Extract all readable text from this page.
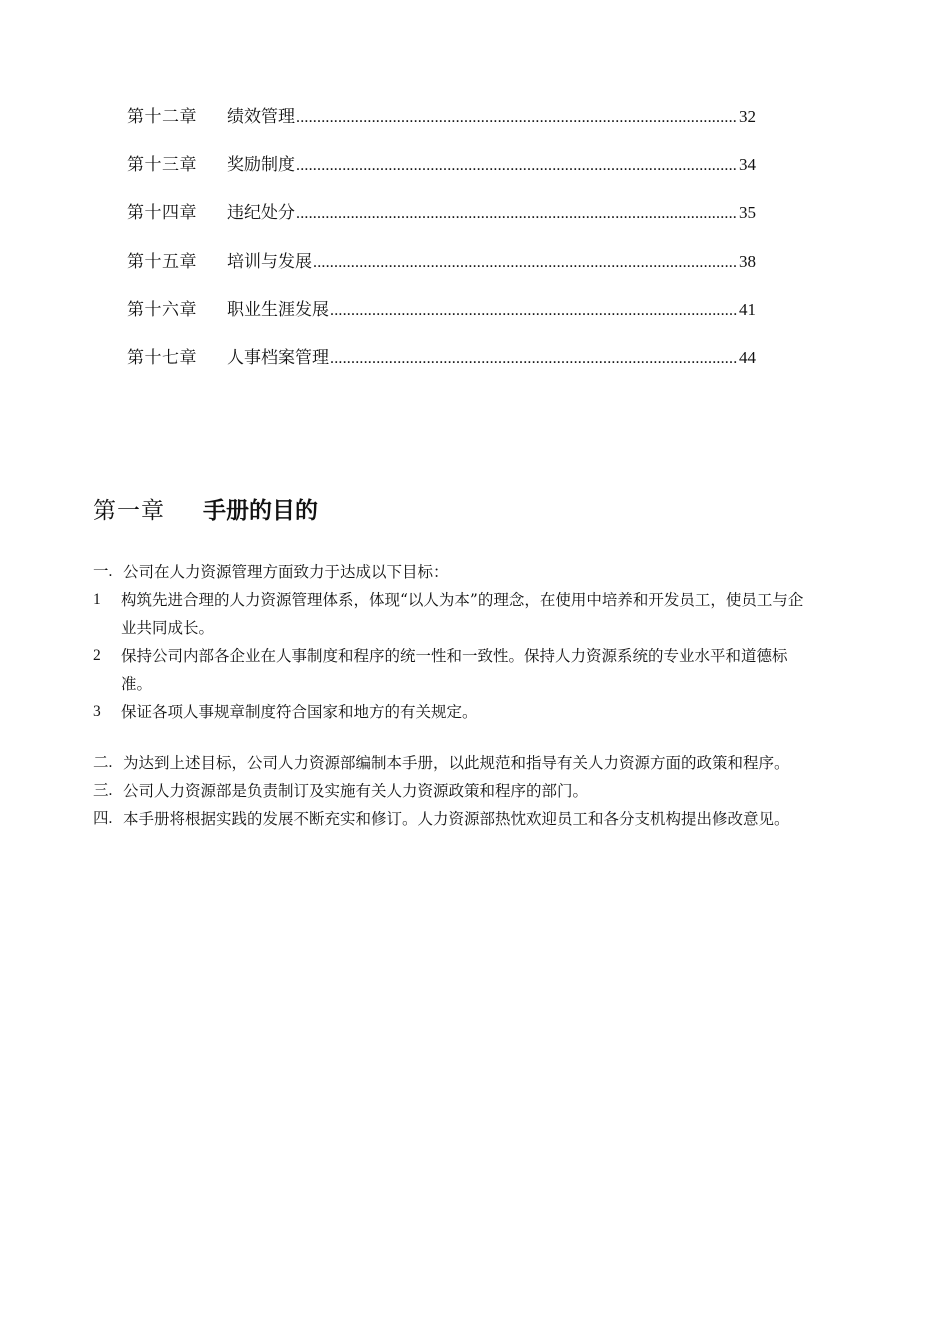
第十二章	绩效管理 .....	32
第十三章	奖励制度 .....	34
第十四章	违纪处分 .....	35
第十五章	培训与发展 .....	38
第十六章	职业生涯发展 .....	41
第十七章	人事档案管理 .....	44
第一章	手册的目的
一. 公司在人力资源管理方面致力于达成以下目标：
1	构筑先进合理的人力资源管理体系，体现“以人为本”的理念，在使用中培养和开发员工，使员工与企业共同成长。
2	保持公司内部各企业在人事制度和程序的统一性和一致性。保持人力资源系统的专业水平和道德标准。
3	保证各项人事规章制度符合国家和地方的有关规定。
二. 为达到上述目标，公司人力资源部编制本手册，以此规范和指导有关人力资源方面的政策和程序。
三. 公司人力资源部是负责制订及实施有关人力资源政策和程序的部门。
四. 本手册将根据实践的发展不断充实和修订。人力资源部热忱欢迎员工和各分支机构提出修改意见。
